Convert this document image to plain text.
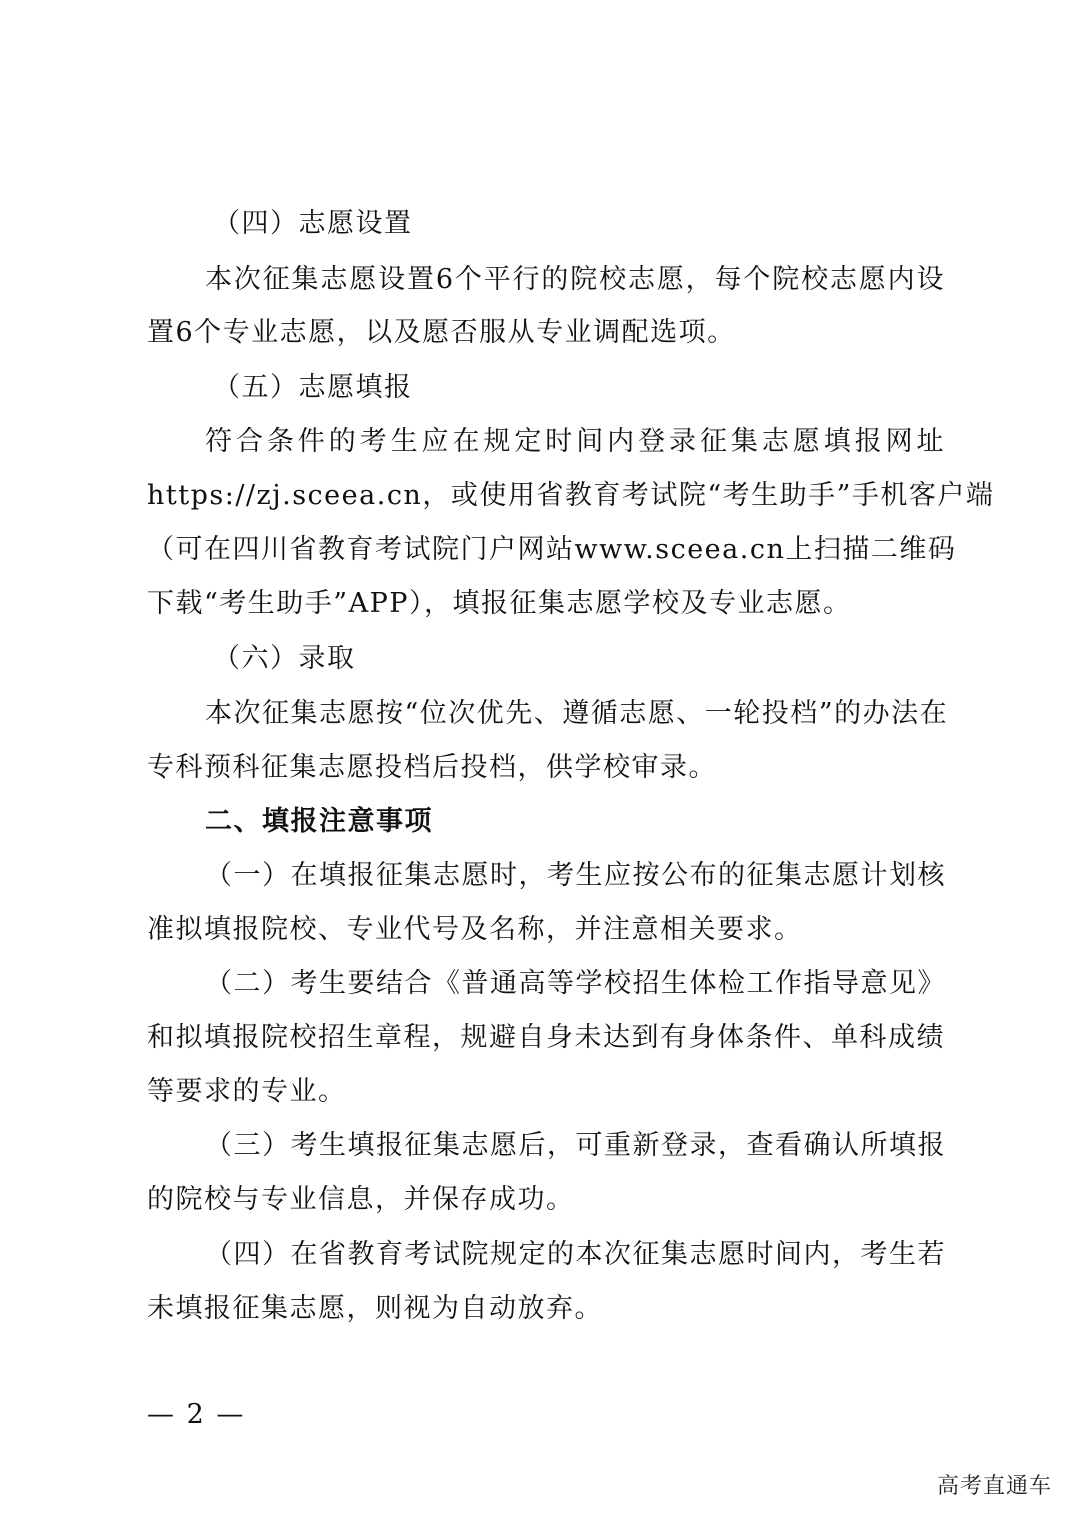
（四）志愿设置
本次征集志愿设置6个平行的院校志愿，每个院校志愿内设
置6个专业志愿，以及愿否服从专业调配选项。
（五）志愿填报
符合条件的考生应在规定时间内登录征集志愿填报网址
https://zj.sceea.cn，或使用省教育考试院“考生助手”手机客户端
（可在四川省教育考试院门户网站www.sceea.cn上扫描二维码
下载“考生助手”APP），填报征集志愿学校及专业志愿。
（六）录取
本次征集志愿按“位次优先、遵循志愿、一轮投档”的办法在
专科预科征集志愿投档后投档，供学校审录。
二、填报注意事项
（一）在填报征集志愿时，考生应按公布的征集志愿计划核
准拟填报院校、专业代号及名称，并注意相关要求。
（二）考生要结合《普通高等学校招生体检工作指导意见》
和拟填报院校招生章程，规避自身未达到有身体条件、单科成绩
等要求的专业。
（三）考生填报征集志愿后，可重新登录，查看确认所填报
的院校与专业信息，并保存成功。
（四）在省教育考试院规定的本次征集志愿时间内，考生若
未填报征集志愿，则视为自动放弃。
— 2 —
高考直通车
